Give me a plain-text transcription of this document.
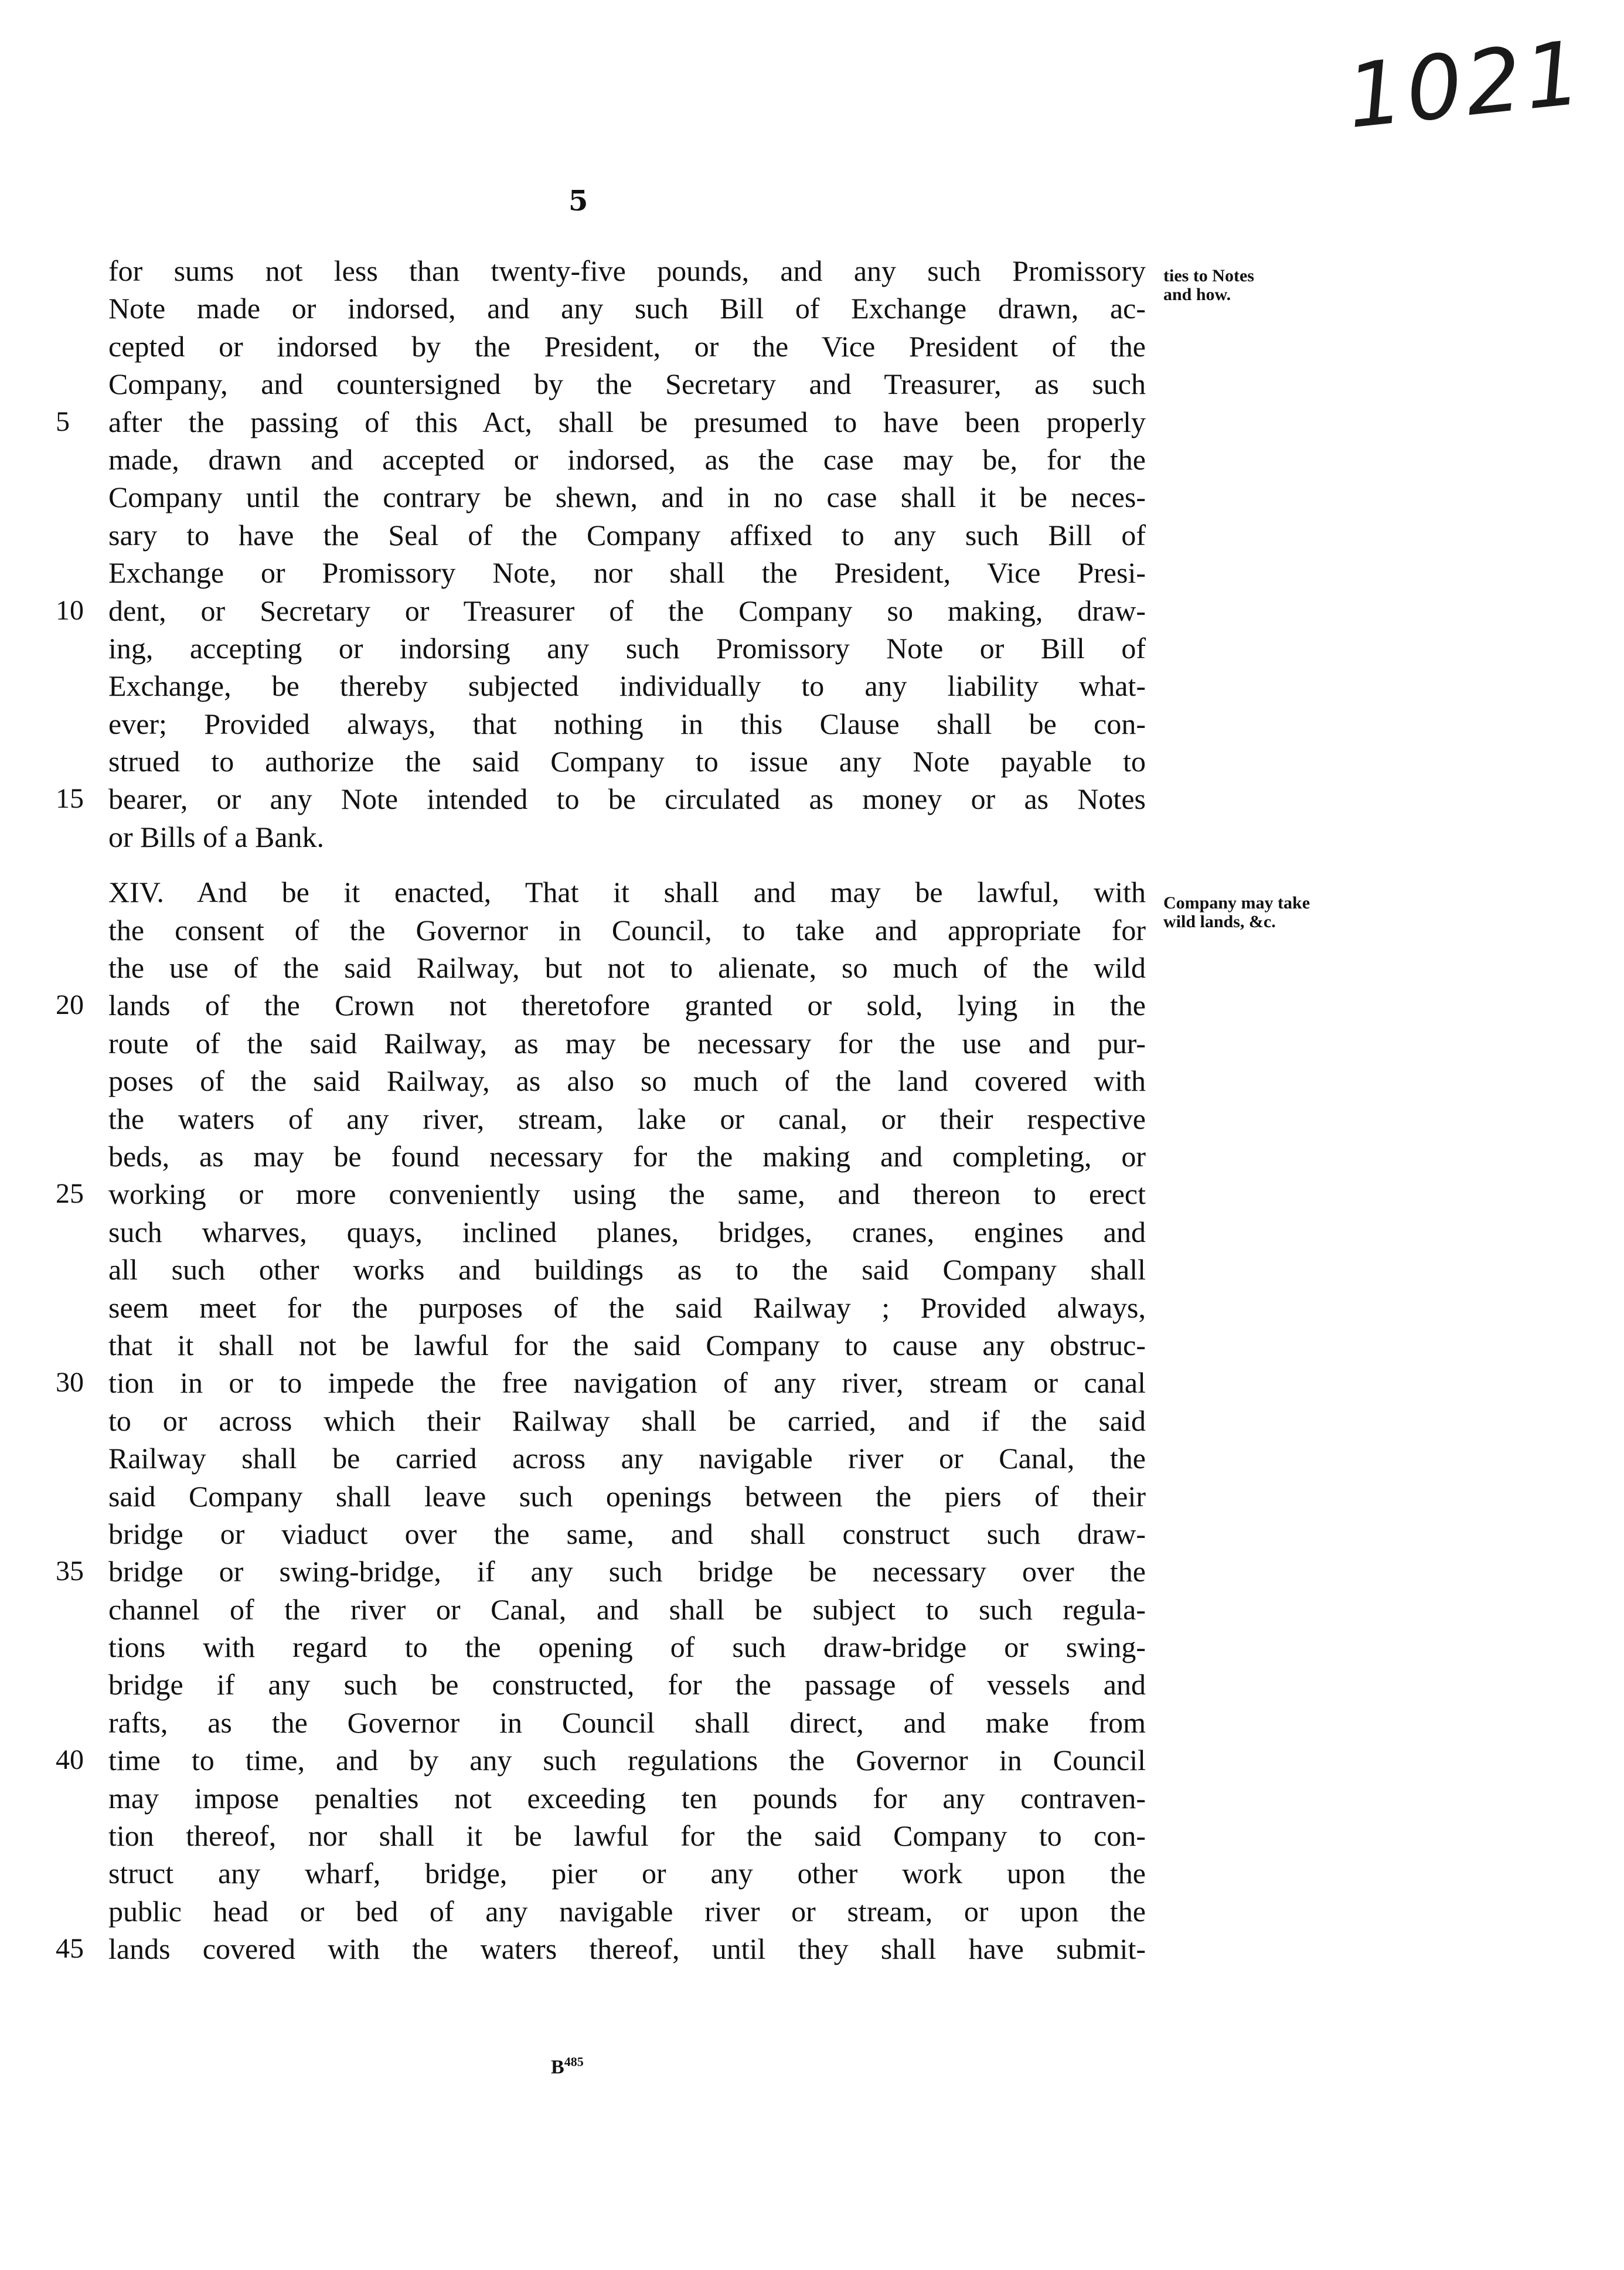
1021
5
ties to Notes and how.
Company may take wild lands, &c.
for sums not less than twenty-five pounds, and any such Promissory
Note made or indorsed, and any such Bill of Exchange drawn, ac-
cepted or indorsed by the President, or the Vice President of the
Company, and countersigned by the Secretary and Treasurer, as such
5	after the passing of this Act, shall be presumed to have been properly
made, drawn and accepted or indorsed, as the case may be, for the
Company until the contrary be shewn, and in no case shall it be neces-
sary to have the Seal of the Company affixed to any such Bill of
Exchange or Promissory Note, nor shall the President, Vice Presi-
10 dent, or Secretary or Treasurer of the Company so making, draw-
ing, accepting or indorsing any such Promissory Note or Bill of
Exchange, be thereby subjected individually to any liability what-
ever; Provided always, that nothing in this Clause shall be con-
strued to authorize the said Company to issue any Note payable to
15 bearer, or any Note intended to be circulated as money or as Notes
or Bills of a Bank.
XIV. And be it enacted, That it shall and may be lawful, with
the consent of the Governor in Council, to take and appropriate for
the use of the said Railway, but not to alienate, so much of the wild
20 lands of the Crown not theretofore granted or sold, lying in the
route of the said Railway, as may be necessary for the use and pur-
poses of the said Railway, as also so much of the land covered with
the waters of any river, stream, lake or canal, or their respective
beds, as may be found necessary for the making and completing, or
25 working or more conveniently using the same, and thereon to erect
such wharves, quays, inclined planes, bridges, cranes, engines and
all such other works and buildings as to the said Company shall
seem meet for the purposes of the said Railway ; Provided always,
that it shall not be lawful for the said Company to cause any obstruc-
30 tion in or to impede the free navigation of any river, stream or canal
to or across which their Railway shall be carried, and if the said
Railway shall be carried across any navigable river or Canal, the
said Company shall leave such openings between the piers of their
bridge or viaduct over the same, and shall construct such draw-
35 bridge or swing-bridge, if any such bridge be necessary over the
channel of the river or Canal, and shall be subject to such regula-
tions with regard to the opening of such draw-bridge or swing-
bridge if any such be constructed, for the passage of vessels and
rafts, as the Governor in Council shall direct, and make from
40 time to time, and by any such regulations the Governor in Council
may impose penalties not exceeding ten pounds for any contraven-
tion thereof, nor shall it be lawful for the said Company to con-
struct any wharf, bridge, pier or any other work upon the
public head or bed of any navigable river or stream, or upon the
45 lands covered with the waters thereof, until they shall have submit-
$B^{485}$
